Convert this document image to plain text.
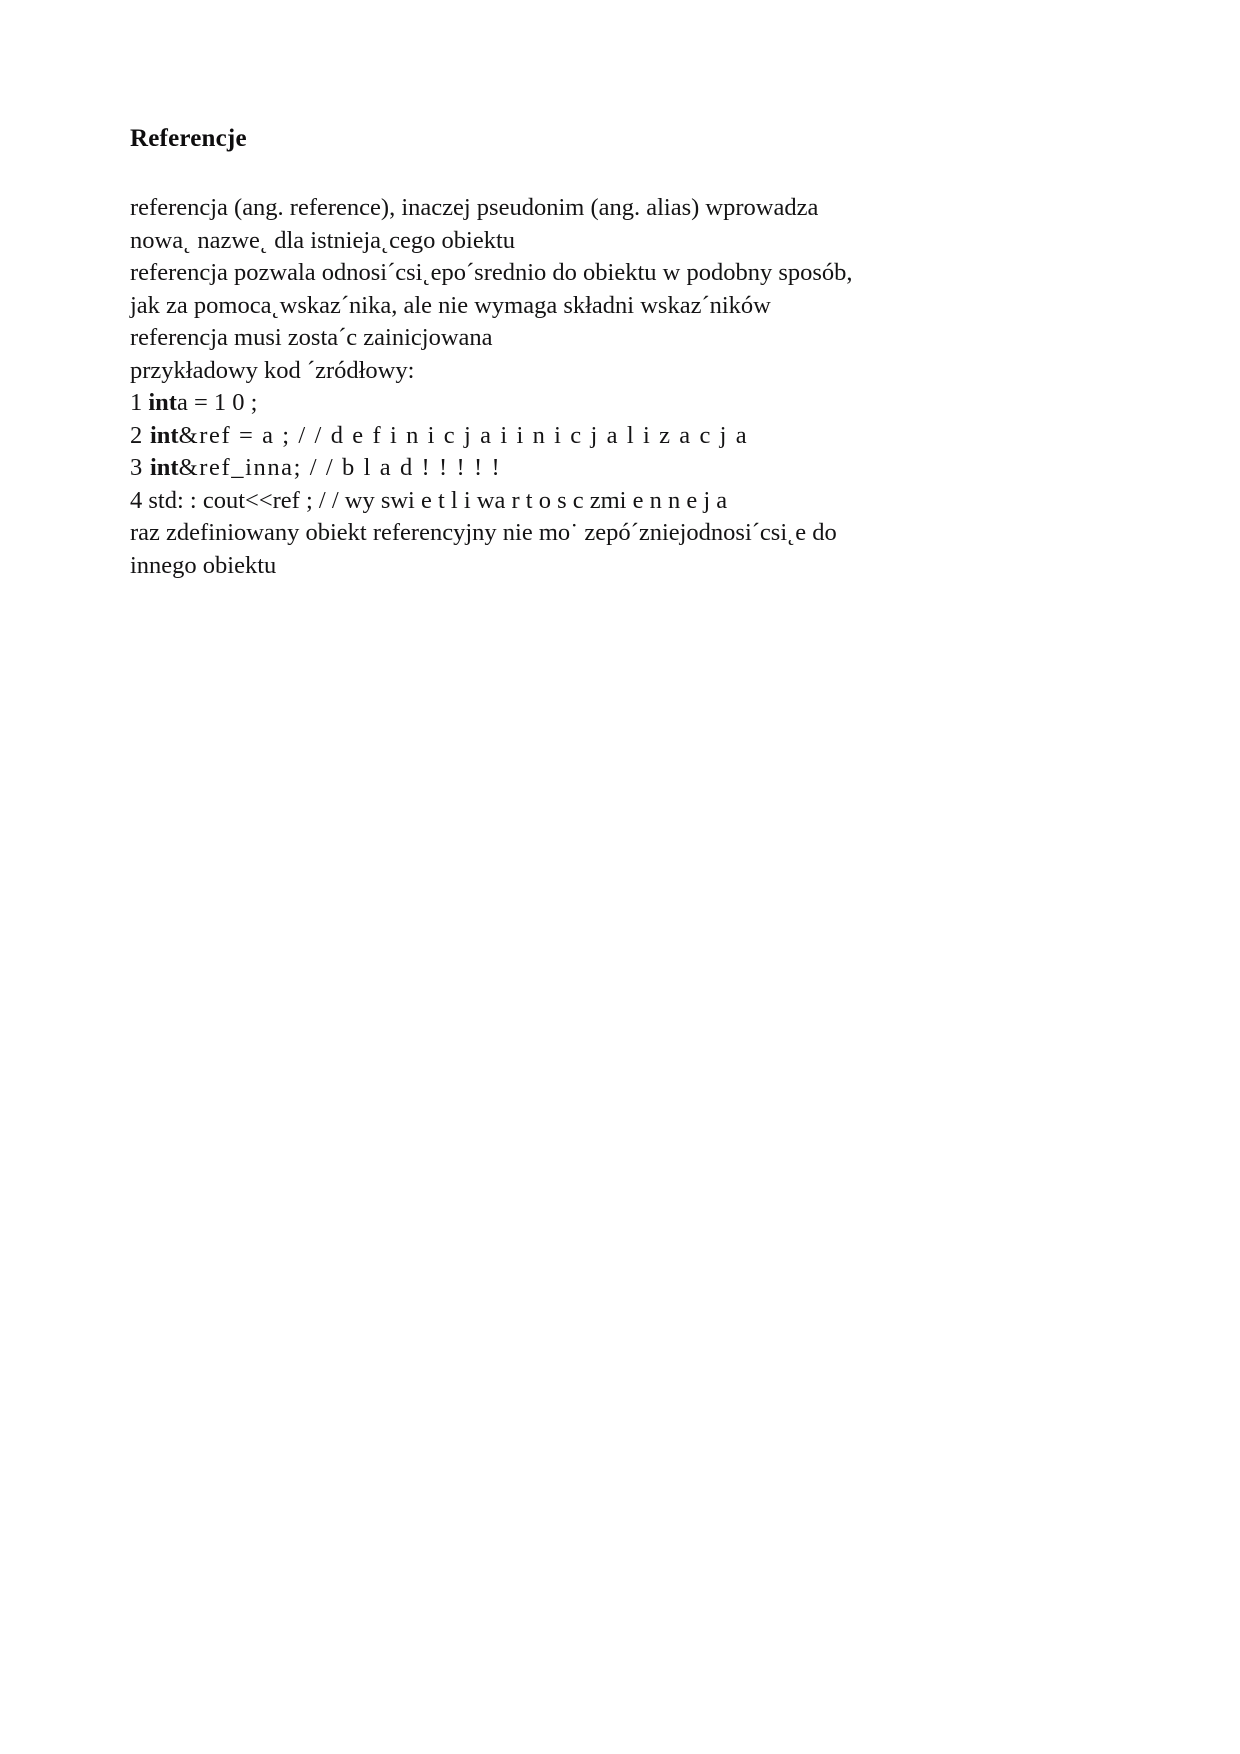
Referencje

referencja (ang. reference), inaczej pseudonim (ang. alias) wprowadza

nowa˛ nazwe˛ dla istnieja˛cego obiektu

referencja pozwala odnosi´csi˛epo´srednio do obiektu w podobny sposób,

jak za pomoca˛wskaz´nika, ale nie wymaga składni wskaz´ników

referencja musi zosta´c zainicjowana

przykładowy kod ´zródłowy:

1 inta = 1 0 ;

2 int&ref = a ; / / d e f i n i c j a i i n i c j a l i z a c j a

3 int&ref_inna; / / b l a d ! ! ! ! !

4 std: : cout<<ref ; / / wy swi e t l i wa r t o s c zmi e n n e j a

raz zdefiniowany obiekt referencyjny nie mo˙ zepó´zniejodnosi´csi˛e do

innego obiektu
